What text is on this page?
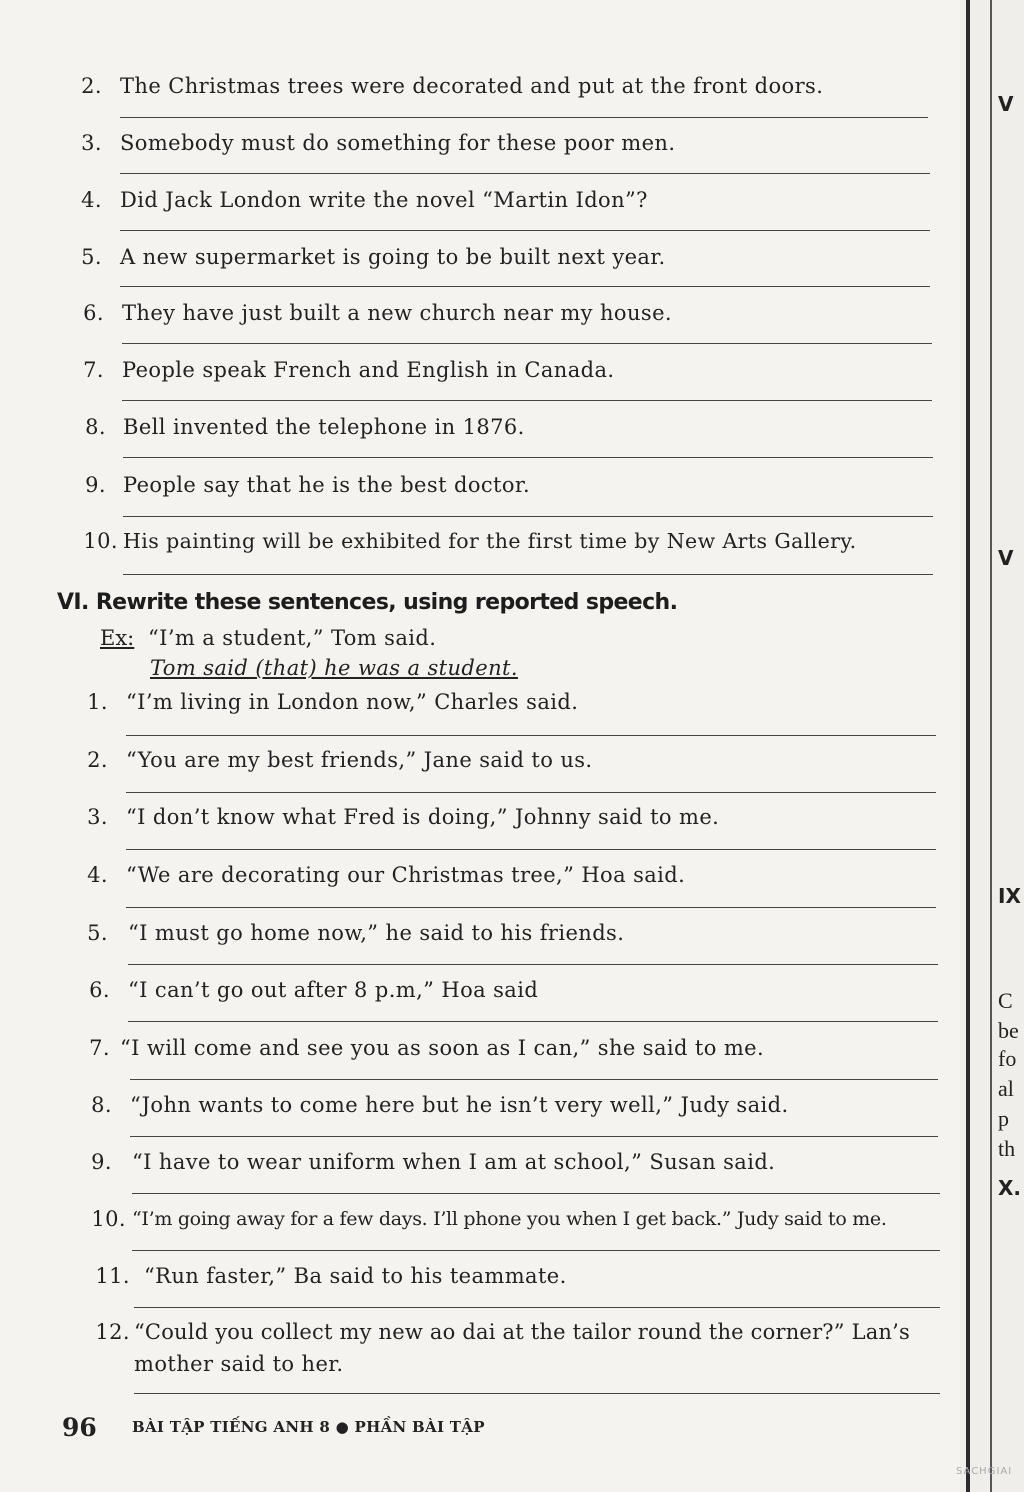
2. The Christmas trees were decorated and put at the front doors.
3. Somebody must do something for these poor men.
4. Did Jack London write the novel “Martin Idon”?
5. A new supermarket is going to be built next year.
6. They have just built a new church near my house.
7. People speak French and English in Canada.
8. Bell invented the telephone in 1876.
9. People say that he is the best doctor.
10. His painting will be exhibited for the first time by New Arts Gallery.
VI. Rewrite these sentences, using reported speech.
Ex: “I’m a student,” Tom said.
Tom said (that) he was a student.
1. “I’m living in London now,” Charles said.
2. “You are my best friends,” Jane said to us.
3. “I don’t know what Fred is doing,” Johnny said to me.
4. “We are decorating our Christmas tree,” Hoa said.
5. “I must go home now,” he said to his friends.
6. “I can’t go out after 8 p.m,” Hoa said
7. “I will come and see you as soon as I can,” she said to me.
8. “John wants to come here but he isn’t very well,” Judy said.
9. “I have to wear uniform when I am at school,” Susan said.
10. “I’m going away for a few days. I’ll phone you when I get back.” Judy said to me.
11. “Run faster,” Ba said to his teammate.
12. “Could you collect my new ao dai at the tailor round the corner?” Lan’s
mother said to her.
96 BÀI TẬP TIẾNG ANH 8 ● PHẦN BÀI TẬP
V
V
IX
C
be
fo
al
p
th
X.
SACHGIAI
